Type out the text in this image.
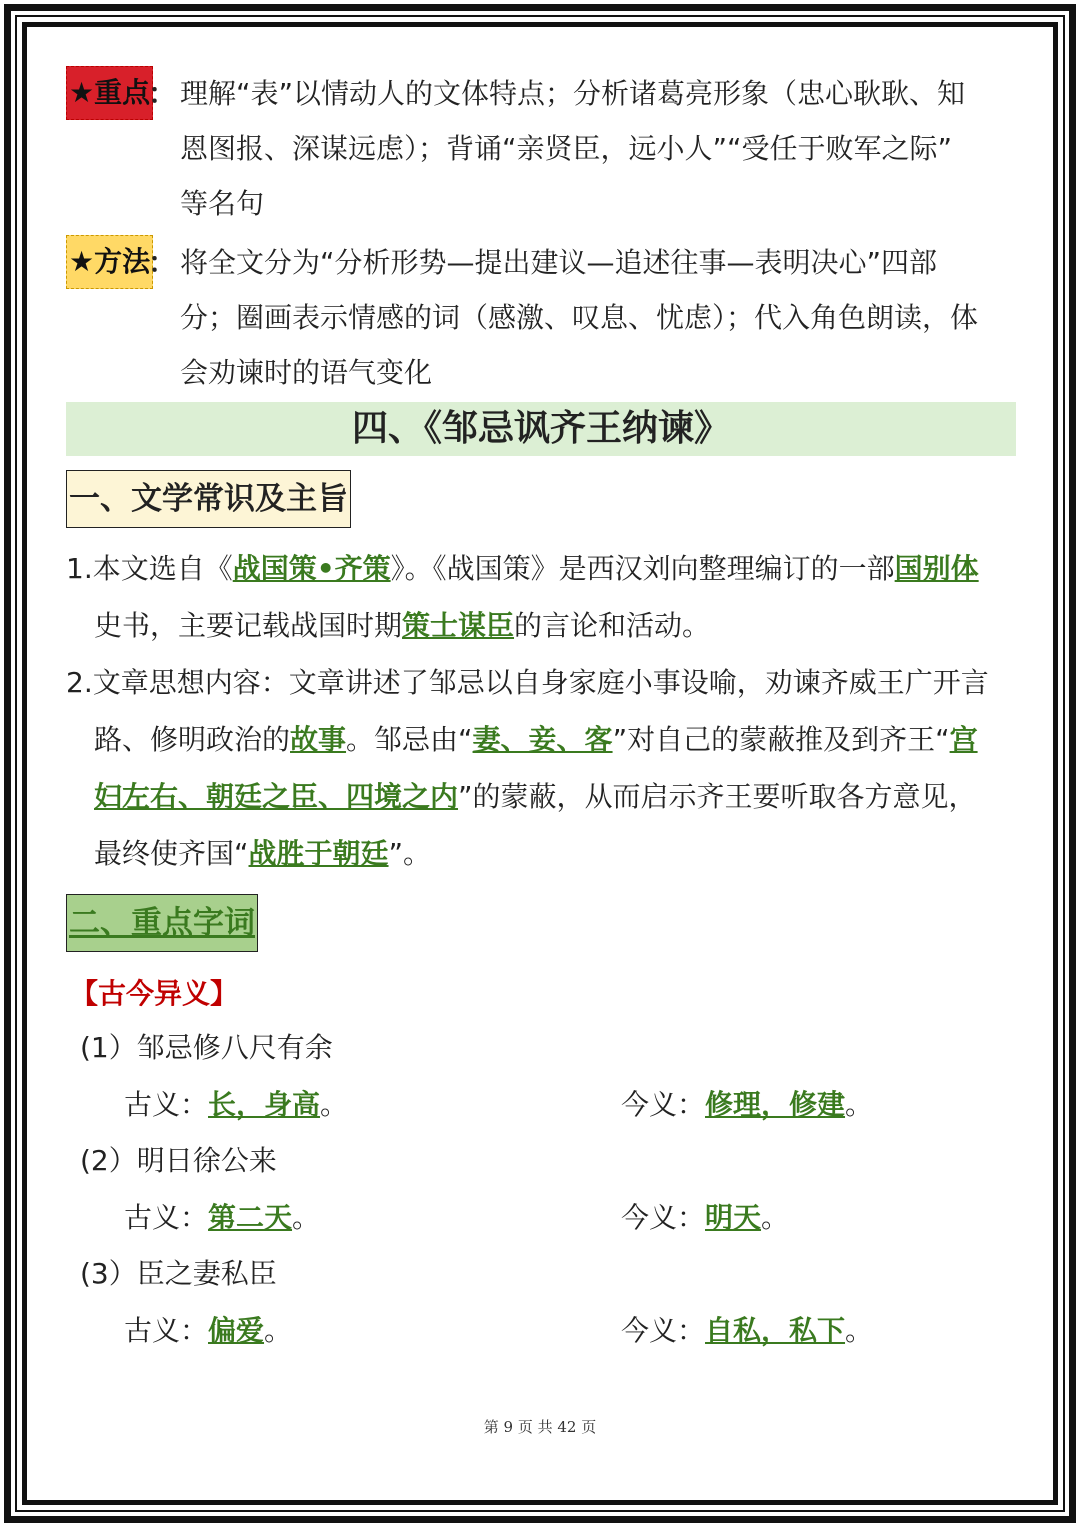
★重点
： 理解“表”以情动人的文体特点；分析诸葛亮形象（忠心耿耿、知
恩图报、深谋远虑）；背诵“亲贤臣，远小人”“受任于败军之际”
等名句
★方法
： 将全文分为“分析形势—提出建议—追述往事—表明决心”四部
分；圈画表示情感的词（感激、叹息、忧虑）；代入角色朗读，体
会劝谏时的语气变化
四、《邹忌讽齐王纳谏》
一、文学常识及主旨
1.本文选自《战国策•齐策》。《战国策》是西汉刘向整理编订的一部国别体
史书，主要记载战国时期策士谋臣的言论和活动。
2.文章思想内容：文章讲述了邹忌以自身家庭小事设喻，劝谏齐威王广开言
路、修明政治的故事。邹忌由“妻、妾、客”对自己的蒙蔽推及到齐王“宫
妇左右、朝廷之臣、四境之内”的蒙蔽，从而启示齐王要听取各方意见，
最终使齐国“战胜于朝廷”。
二、重点字词
【古今异义】
(1）邹忌修八尺有余
古义：长，身高。	今义：修理，修建。
(2）明日徐公来
古义：第二天。	今义：明天。
(3）臣之妻私臣
古义：偏爱。	今义：自私，私下。
第 9 页 共 42 页
